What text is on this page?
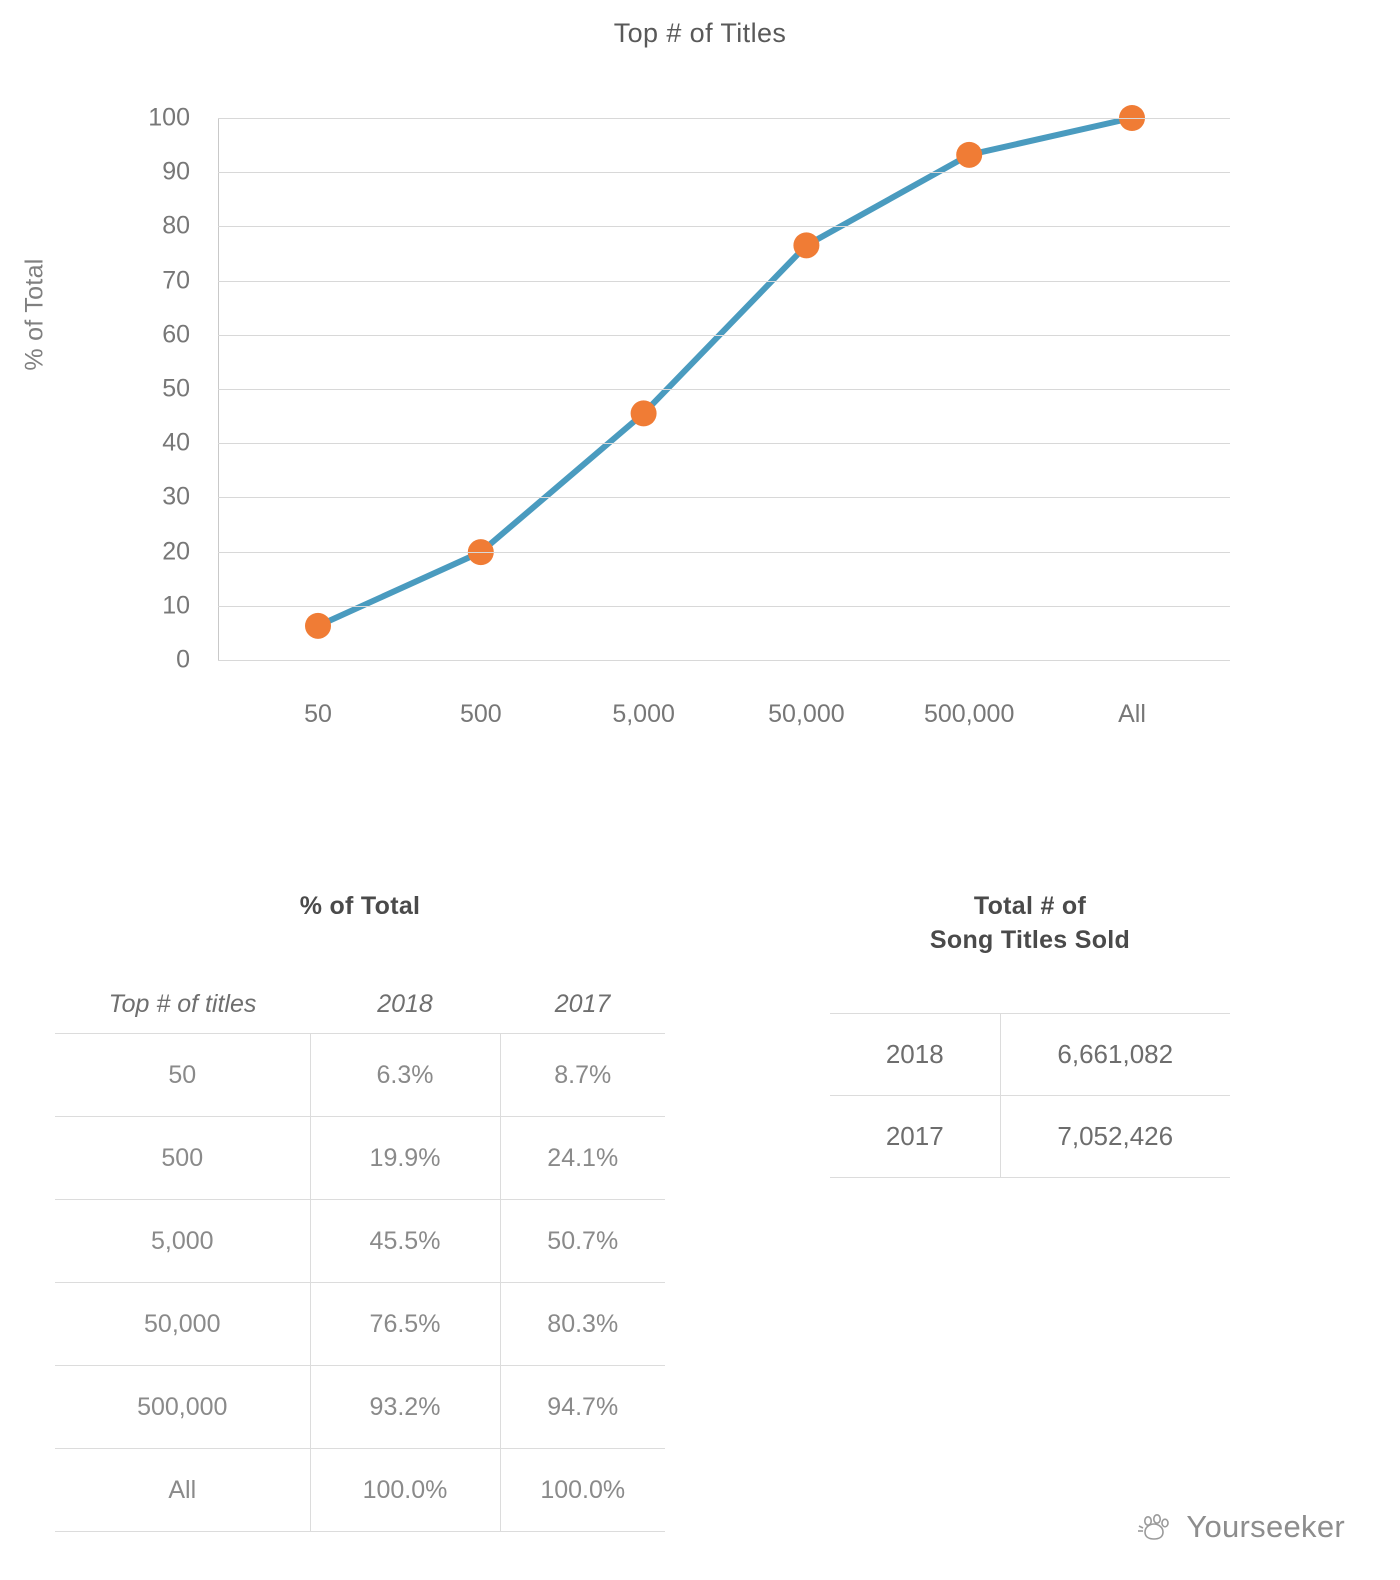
Top # of Titles
% of Total
0
10
20
30
40
50
60
70
80
90
100
50	500	5,000	50,000	500,000	All
% of Total
Top # of titles	2018	2017
50	6.3%	8.7%
500	19.9%	24.1%
5,000	45.5%	50.7%
50,000	76.5%	80.3%
500,000	93.2%	94.7%
All	100.0%	100.0%
Total # of
Song Titles Sold
2018	6,661,082
2017	7,052,426
Yourseeker
